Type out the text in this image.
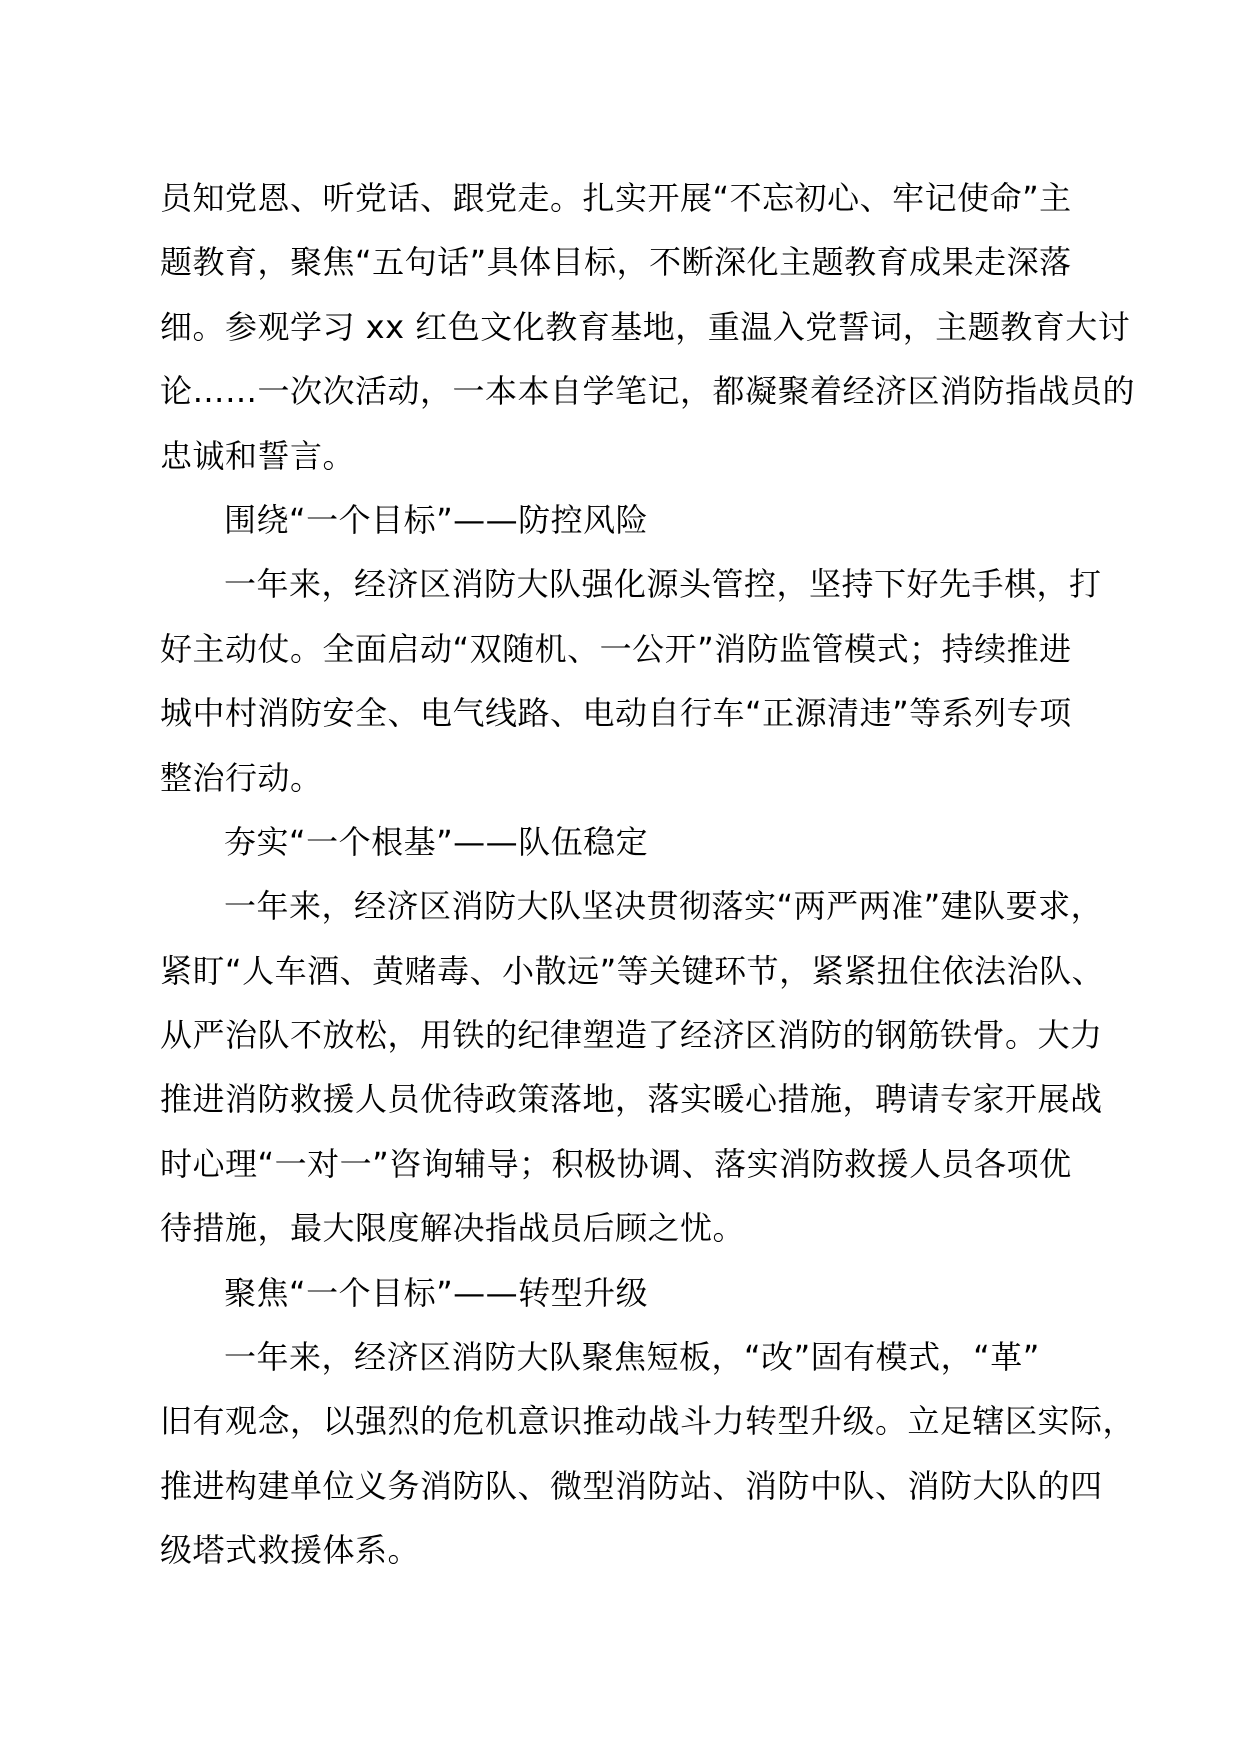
员知党恩、听党话、跟党走。扎实开展“不忘初心、牢记使命”主
题教育，聚焦“五句话”具体目标，不断深化主题教育成果走深落
细。参观学习 xx 红色文化教育基地，重温入党誓词，主题教育大讨
论……一次次活动，一本本自学笔记，都凝聚着经济区消防指战员的
忠诚和誓言。
围绕“一个目标”——防控风险
一年来，经济区消防大队强化源头管控，坚持下好先手棋，打
好主动仗。全面启动“双随机、一公开”消防监管模式；持续推进
城中村消防安全、电气线路、电动自行车“正源清违”等系列专项
整治行动。
夯实“一个根基”——队伍稳定
一年来，经济区消防大队坚决贯彻落实“两严两准”建队要求，
紧盯“人车酒、黄赌毒、小散远”等关键环节，紧紧扭住依法治队、
从严治队不放松，用铁的纪律塑造了经济区消防的钢筋铁骨。大力
推进消防救援人员优待政策落地，落实暖心措施，聘请专家开展战
时心理“一对一”咨询辅导；积极协调、落实消防救援人员各项优
待措施，最大限度解决指战员后顾之忧。
聚焦“一个目标”——转型升级
一年来，经济区消防大队聚焦短板，“改”固有模式，“革”
旧有观念，以强烈的危机意识推动战斗力转型升级。立足辖区实际，
推进构建单位义务消防队、微型消防站、消防中队、消防大队的四
级塔式救援体系。
